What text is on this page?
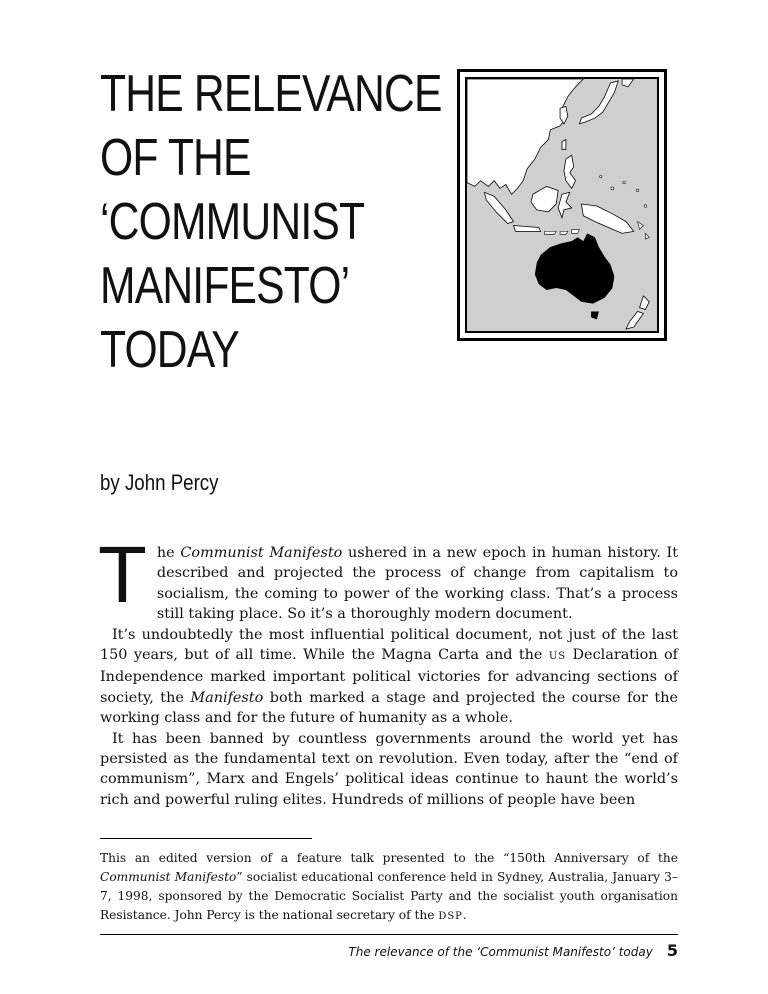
THE RELEVANCE
OF THE
‘COMMUNIST
MANIFESTO’
TODAY

by John Percy

The Communist Manifesto ushered in a new epoch in human history. It described and projected the process of change from capitalism to socialism, the coming to power of the working class. That’s a process still taking place. So it’s a thoroughly modern document.

It’s undoubtedly the most influential political document, not just of the last 150 years, but of all time. While the Magna Carta and the US Declaration of Independence marked important political victories for advancing sections of society, the Manifesto both marked a stage and projected the course for the working class and for the future of humanity as a whole.

It has been banned by countless governments around the world yet has persisted as the fundamental text on revolution. Even today, after the “end of communism”, Marx and Engels’ political ideas continue to haunt the world’s rich and powerful ruling elites. Hundreds of millions of people have been

This an edited version of a feature talk presented to the “150th Anniversary of the Communist Manifesto” socialist educational conference held in Sydney, Australia, January 3–7, 1998, sponsored by the Democratic Socialist Party and the socialist youth organisation Resistance. John Percy is the national secretary of the DSP.

The relevance of the ‘Communist Manifesto’ today 5
